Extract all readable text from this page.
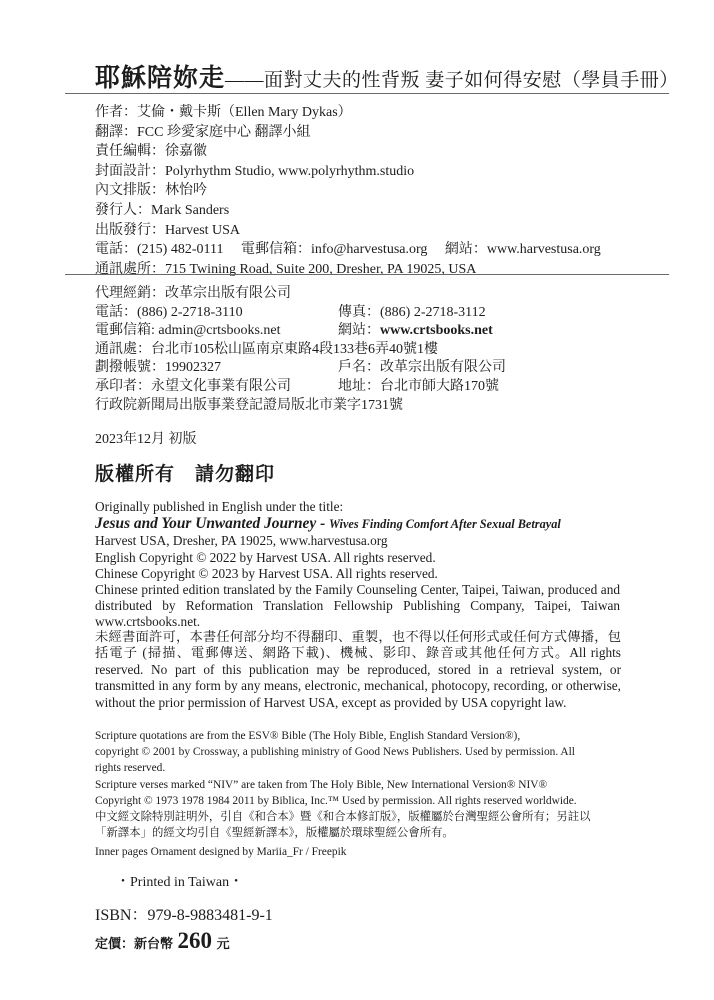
耶穌陪妳走——面對丈夫的性背叛 妻子如何得安慰（學員手冊）
作者：艾倫・戴卡斯（Ellen Mary Dykas）
翻譯：FCC 珍愛家庭中心 翻譯小組
責任編輯：徐嘉徽
封面設計：Polyrhythm Studio, www.polyrhythm.studio
內文排版：林怡吟
發行人：Mark Sanders
出版發行：Harvest USA
電話：(215) 482-0111　 電郵信箱：info@harvestusa.org　 網站：www.harvestusa.org
通訊處所：715 Twining Road, Suite 200, Dresher, PA 19025, USA
代理經銷：改革宗出版有限公司
電話：(886) 2-2718-3110	傳真：(886) 2-2718-3112
電郵信箱: admin@crtsbooks.net	網站：www.crtsbooks.net
通訊處：台北市105松山區南京東路4段133巷6弄40號1樓
劃撥帳號：19902327	戶名：改革宗出版有限公司
承印者：永望文化事業有限公司	地址：台北市師大路170號
行政院新聞局出版事業登記證局版北市業字1731號
2023年12月 初版
版權所有　請勿翻印
Originally published in English under the title:
Jesus and Your Unwanted Journey - Wives Finding Comfort After Sexual Betrayal
Harvest USA, Dresher, PA 19025, www.harvestusa.org
English Copyright © 2022 by Harvest USA. All rights reserved.
Chinese Copyright © 2023 by Harvest USA. All rights reserved.
Chinese printed edition translated by the Family Counseling Center, Taipei, Taiwan, produced and distributed by Reformation Translation Fellowship Publishing Company, Taipei, Taiwan www.crtsbooks.net.
未經書面許可，本書任何部分均不得翻印、重製，也不得以任何形式或任何方式傳播，包括電子 (掃描、電郵傳送、網路下載)、機械、影印、錄音或其他任何方式。All rights reserved. No part of this publication may be reproduced, stored in a retrieval system, or transmitted in any form by any means, electronic, mechanical, photocopy, recording, or otherwise, without the prior permission of Harvest USA, except as provided by USA copyright law.
Scripture quotations are from the ESV® Bible (The Holy Bible, English Standard Version®),
copyright © 2001 by Crossway, a publishing ministry of Good News Publishers. Used by permission. All
rights reserved.
Scripture verses marked “NIV” are taken from The Holy Bible, New International Version® NIV®
Copyright © 1973 1978 1984 2011 by Biblica, Inc.™ Used by permission. All rights reserved worldwide.
中文經文除特別註明外，引自《和合本》暨《和合本修訂版》，版權屬於台灣聖經公會所有；另註以
「新譯本」的經文均引自《聖經新譯本》，版權屬於環球聖經公會所有。
Inner pages Ornament designed by Mariia_Fr / Freepik
・Printed in Taiwan・
ISBN：979-8-9883481-9-1
定價：新台幣 260 元
